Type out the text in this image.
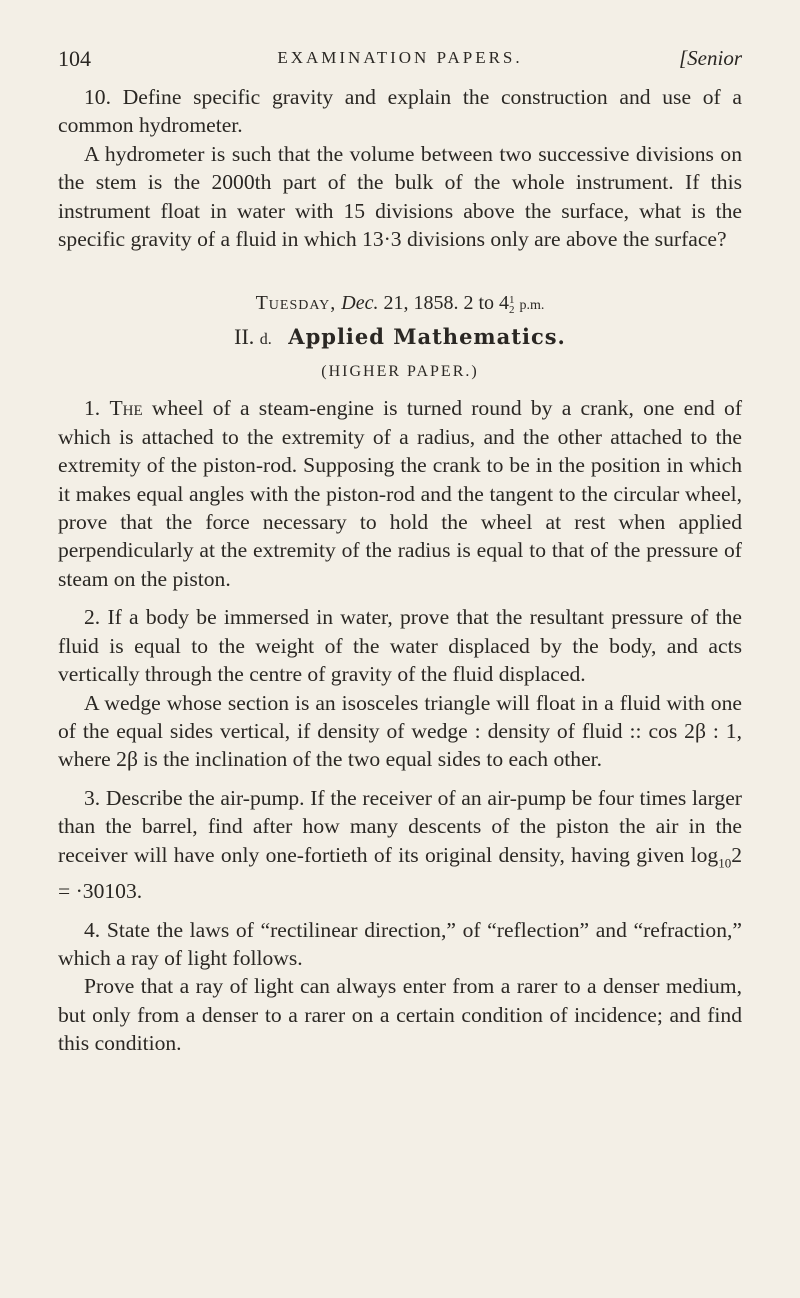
104	EXAMINATION PAPERS.	[Senior

10. Define specific gravity and explain the construction and use of a common hydrometer.

A hydrometer is such that the volume between two successive divisions on the stem is the 2000th part of the bulk of the whole instrument. If this instrument float in water with 15 divisions above the surface, what is the specific gravity of a fluid in which 13·3 divisions only are above the surface?

Tuesday, Dec. 21, 1858. 2 to 41
2 p.m.
II. d. Applied Mathematics.
(HIGHER PAPER.)

1. The wheel of a steam-engine is turned round by a crank, one end of which is attached to the extremity of a radius, and the other attached to the extremity of the piston-rod. Supposing the crank to be in the position in which it makes equal angles with the piston-rod and the tangent to the circular wheel, prove that the force necessary to hold the wheel at rest when applied perpendicularly at the extremity of the radius is equal to that of the pressure of steam on the piston.

2. If a body be immersed in water, prove that the resultant pressure of the fluid is equal to the weight of the water displaced by the body, and acts vertically through the centre of gravity of the fluid displaced.

A wedge whose section is an isosceles triangle will float in a fluid with one of the equal sides vertical, if density of wedge : density of fluid :: cos 2β : 1, where 2β is the inclination of the two equal sides to each other.

3. Describe the air-pump. If the receiver of an air-pump be four times larger than the barrel, find after how many descents of the piston the air in the receiver will have only one-fortieth of its original density, having given $\log_{10}2 = \cdot 30103$.

4. State the laws of “rectilinear direction,” of “reflection” and “refraction,” which a ray of light follows.

Prove that a ray of light can always enter from a rarer to a denser medium, but only from a denser to a rarer on a certain condition of incidence; and find this condition.
